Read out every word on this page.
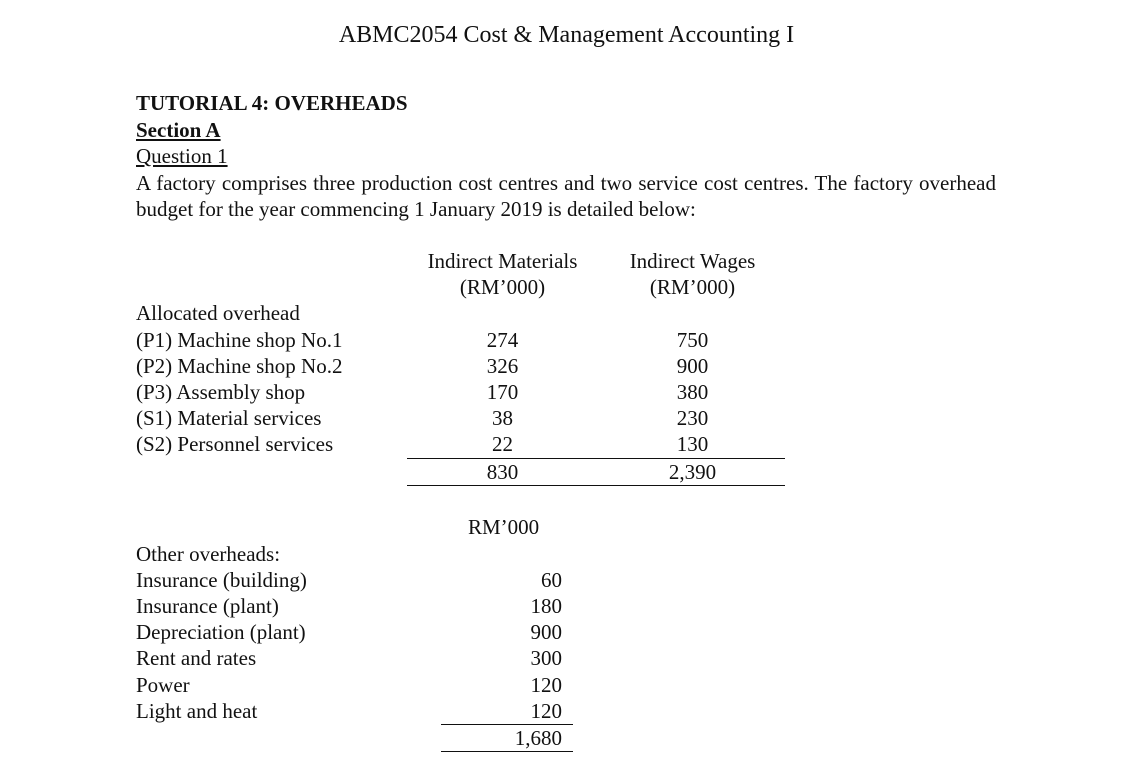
ABMC2054 Cost & Management Accounting I
TUTORIAL 4: OVERHEADS
Section A
Question 1
A factory comprises three production cost centres and two service cost centres. The factory overhead budget for the year commencing 1 January 2019 is detailed below:
Indirect Materials
(RM’000)
Indirect Wages
(RM’000)
Allocated overhead
(P1) Machine shop No.1	274	750
(P2) Machine shop No.2	326	900
(P3) Assembly shop	170	380
(S1) Material services	38	230
(S2) Personnel services	22	130
830	2,390
RM’000
Other overheads:
Insurance (building)	60
Insurance (plant)	180
Depreciation (plant)	900
Rent and rates	300
Power	120
Light and heat	120
1,680
